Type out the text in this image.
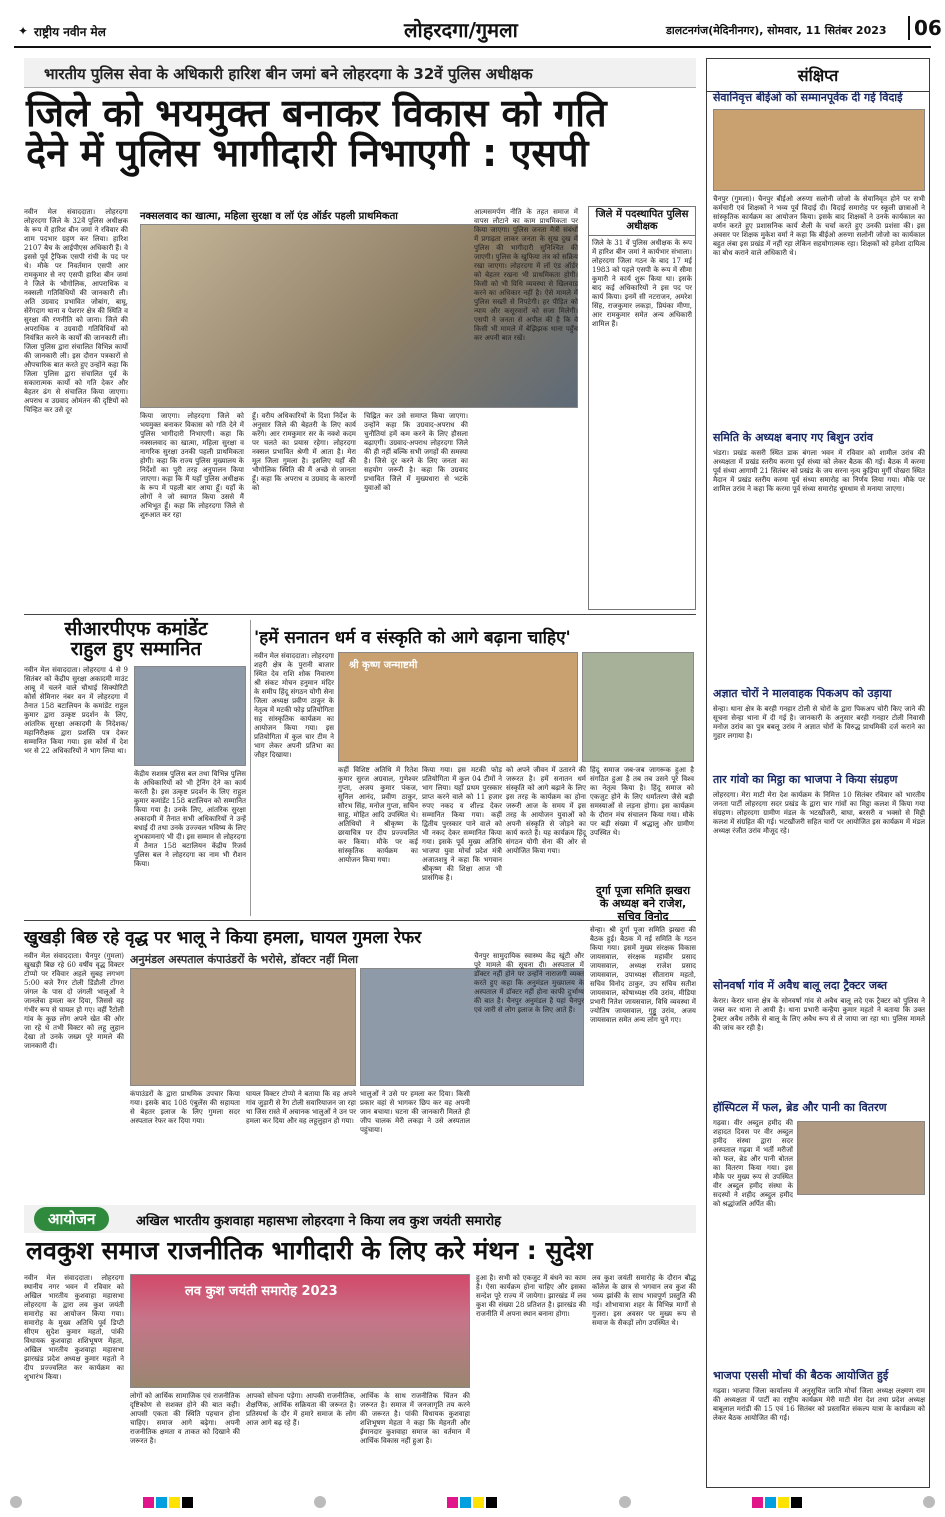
✦ राष्ट्रीय नवीन मेल	लोहरदगा/गुमला	डालटनगंज(मेदिनीनगर), सोमवार, 11 सितंबर 2023	06
भारतीय पुलिस सेवा के अधिकारी हारिश बीन जमां बने लोहरदगा के 32वें पुलिस अधीक्षक
जिले को भयमुक्त बनाकर विकास को गति
देने में पुलिस भागीदारी निभाएगी : एसपी
नवीन मेल संवाददाता। लोहरदगा लोहरदगा जिले के 32वें पुलिस अधीक्षक के रूप में हारिश बीन जमां ने रविवार की शाम पदभार ग्रहण कर लिया। हारिश 2107 बैच के आईपीएस अधिकारी हैं। वे इससे पूर्व ट्रैफिक एसपी रांची के पद पर थे। मौके पर निवर्तमान एसपी आर रामकुमार से नए एसपी हारिश बीन जमां ने जिले के भौगोलिक, आपराधिक व नक्सली गतिविधियों की जानकारी ली। अति उग्रवाद प्रभावित जोबांग, बाघू, सेरेंगदाग थाना व पेशरार क्षेत्र की स्थिति व सुरक्षा की रणनीति को जाना। जिले की अपराधिक व उग्रवादी गतिविधियों को नियंत्रित करने के कार्यों की जानकारी ली। जिला पुलिस द्वारा संचालित विभिन्न कार्यो की जानकारी ली। इस दौरान पत्रकारों से औपचारिक बात करते हुए उन्होंने कहा कि जिला पुलिस द्वारा संचालित पूर्व के सकारात्मक कार्यो को गति देकर और बेहतर ढंग से संचालित किया जाएगा। अपराध व उग्रवाद ओमंतन की दृष्टियों को चिन्हित कर उसे दूर
नक्सलवाद का खात्मा, महिला सुरक्षा व लॉ एंड ऑर्डर पहली प्राथमिकता
किया जाएगा। लोहरदगा जिले को भयमुक्त बनाकर विकास को गति देने में पुलिस भागीदारी निभाएगी। कहा कि नक्सलवाद का खात्मा, महिला सुरक्षा व नागरिक सुरक्षा उनकी पहली प्राथमिकता होगी। कहा कि राज्य पुलिस मुख्यालय के निर्देशों का पूरी तरह अनुपालन किया जाएगा। कहा कि मैं यहाँ पुलिस अधीक्षक के रूप में पहली बार आया हूँ। यहाँ के लोगों ने जो स्वागत किया उससे मैं अभिभूत हूँ। कहा कि लोहरदगा जिले से शुरुआत कर रहा
हूँ। वरीय अधिकारियों के दिशा निर्देश के अनुसार जिले की बेहतरी के लिए कार्य करेंगे। आर रामकुमार सर के नक्शे कदम पर चलते का प्रयास रहेगा। लोहरदगा नक्सल प्रभावित श्रेणी में आता है। मेरा मूल जिला गुमला है। इसलिए यहाँ की भौगोलिक स्थिति की मैं अच्छे से जानता हूँ। कहा कि अपराध व उग्रवाद के कारणों को
चिह्नित कर उसे समाप्त किया जाएगा। उन्होंने कहा कि उग्रवाद-अपराध की चुनौतियां हमें कम करने के लिए हौसला बढ़ाएगी। उग्रवाद-अपराध लोहरदगा जिले की ही नहीं बल्कि सभी जगहों की समस्या है। जिसे दूर करने के लिए जनता का सहयोग जरूरी है। कहा कि उग्रवाद प्रभावित जिले में मुख्यधारा से भटके युवाओं को
आत्मसमर्पण नीति के तहत समाज में वापस लौटाने का काम प्राथमिकता पर किया जाएगा। पुलिस जनता मैत्री संबंधों में प्रगाढ़ता लाकर जनता के सुख दुख में पुलिस की भागीदारी सुनिश्चित की जाएगी। पुलिस के खुफिया तंत्र को सक्रिय रखा जाएगा। लोहरदगा में लॉ एंड ऑर्डर को बेहतर रखना भी प्राथमिकता होगी। किसी को भी विधि व्यवस्था से खिलवाड़ करने का अधिकार नहीं है। ऐसे मामले में पुलिस सख्ती से निपटेगी। हर पीड़ित को न्याय और कसूरवारों को सजा मिलेगी। एसपी ने जनता से अपील की है कि वे किसी भी मामले में बेझिझक थाना पहुँच कर अपनी बात रखें।
जिले में पदस्थापित पुलिस अधीक्षक
जिले के 31 वें पुलिस अधीक्षक के रूप में हारिश बीन जमां ने कार्यभार संभाला। लोहरदगा जिला गठन के बाद 17 मई 1983 को पहले एसपी के रूप में सीमा कुमारी ने कार्य शुरू किया था। इसके बाद कई अधिकारियों ने इस पद पर कार्य किया। इनमें सी नटराजन, अमरेश सिंह, राजकुमार लकड़ा, प्रियंका मीणा, आर रामकुमार समेत अन्य अधिकारी शामिल हैं।
सीआरपीएफ कमांडेंट
राहुल हुए सम्मानित
नवीन मेल संवाददाता। लोहरदगा 4 से 9 सितंबर को केंद्रीय सुरक्षा अकादमी माउंट आबू में चलने वाले चौथाई सिक्योरिटी कोर्स सेमिनार नंबर वन में लोहरदगा में तैनात 158 बटालियन के कमांडेंट राहुल कुमार द्वारा उत्कृष्ट प्रदर्शन के लिए, आंतरिक सुरक्षा अकादमी के निदेशक/ महानिरीक्षक द्वारा प्रशस्ति पत्र देकर सम्मानित किया गया। इस कोर्स में देश भर से 22 अधिकारियों ने भाग लिया था।
केंद्रीय सशस्त्र पुलिस बल तथा विभिन्न पुलिस के अधिकारियों को भी ट्रेनिंग देने का कार्य करती है। इस उत्कृष्ट प्रदर्शन के लिए राहुल कुमार कमांडेंट 158 बटालियन को सम्मानित किया गया है। उनके लिए, आंतरिक सुरक्षा अकादमी में तैनात सभी अधिकारियों ने उन्हें बधाई दी तथा उनके उज्ज्वल भविष्य के लिए शुभकामनाएं भी दी। इस सम्मान से लोहरदगा में तैनात 158 बटालियन केंद्रीय रिजर्व पुलिस बल ने लोहरदगा का नाम भी रौशन किया।
'हमें सनातन धर्म व संस्कृति को आगे बढ़ाना चाहिए'
नवीन मेल संवाददाता। लोहरदगा शहरी क्षेत्र के पुरानी बाजार स्थित देव राशि शोक निवारण श्री संकट मोचन हनुमान मंदिर के समीप हिंदू संगठन योगी सेना जिला अध्यक्ष प्रवीण ठाकुर के नेतृत्व में मटकी फोड़ प्रतियोगिता सह सांस्कृतिक कार्यक्रम का आयोजन किया गया। इस प्रतियोगिता में कुल चार टीम ने भाग लेकर अपनी प्रतिभा का जौहर दिखाया।
श्री कृष्ण जन्माष्टमी
कहीं विशिष्ट अतिथि में रितेश कुमार सुरज अग्रवाल, गुणेश्वर गुप्ता, अजय कुमार पंकज, सुनिल आनंद, प्रवीण ठाकुर, सौरभ सिंह, मनोज गुप्ता, सचिन साहू, मोहित आदि उपस्थित थे। अतिथियों ने श्रीकृष्ण के छायाचित्र पर दीप प्रज्ज्वलित कर किया। मौके पर कई सांस्कृतिक कार्यक्रम का आयोजन किया गया।
किया गया। इस मटकी फोड़ प्रतियोगिता में कुल 04 टीमों ने भाग लिया। यहाँ प्रथम पुरस्कार प्राप्त करने वाले को 11 हजार रुपए नकद व शील्ड देकर सम्मानित किया गया। कहीं द्वितीय पुरस्कार पाने वाले को भी नकद देकर सम्मानित किया गया। इसके पूर्व मुख्य अतिथि भाजपा युवा मोर्चा प्रदेश मंत्री अजातशत्रु ने कहा कि भगवान श्रीकृष्ण की शिक्षा आज भी प्रासंगिक है।
को अपने जीवन में उतारने की जरूरत है। हमें सनातन धर्म संस्कृति को आगे बढ़ाने के लिए इस तरह के कार्यक्रम का होना जरूरी आज के समय में इस तरह के आयोजन युवाओं को अपनी संस्कृति से जोड़ने का कार्य करते हैं। यह कार्यक्रम हिंदू संगठन योगी सेना की ओर से आयोजित किया गया।
हिंदू समाज जब-जब जागरूक हुआ है संगठित हुआ है तब तब उसने पूरे विश्व का नेतृत्व किया है। हिंदू समाज को एकजुट होने के लिए धर्मांतरण जैसे बड़ी समस्याओं से लड़ना होगा। इस कार्यक्रम के दौरान मंच संचालन किया गया। मौके पर बड़ी संख्या में श्रद्धालु और ग्रामीण उपस्थित थे।
खुखड़ी बिछ रहे वृद्ध पर भालू ने किया हमला, घायल गुमला रेफर
नवीन मेल संवाददाता। चैनपुर (गुमला) खुखड़ी बिछ रहे 60 वर्षीय वृद्ध विक्टर टोप्पो पर रविवार अहले सुबह लगभग 5:00 बजे रैंगर टोली डिंडौली टोंगरा जंगल के पास दो जंगली भालूओं ने जानलेवा हमला कर दिया, जिससे वह गंभीर रूप से घायल हो गए। वहीं रैंटोली गांव के कुछ लोग अपने खेत की ओर जा रहे थे तभी विक्टर को लहू लुहान देखा तो उनके जख्म पूरे मामले की जानकारी दी।
अनुमंडल अस्पताल कंपाउंडरों के भरोसे, डॉक्टर नहीं मिला
कंपाउंडरों के द्वारा प्राथमिक उपचार किया गया। इसके बाद 108 एंबुलेंस की सहायता से बेहतर इलाज के लिए गुमला सदर अस्पताल रेफर कर दिया गया।
घायल विक्टर टोप्पो ने बताया कि वह अपने गांव जुड़ारी से रैंग टोली सवारियाजन जा रहा था जिस रास्ते में अचानक भालुओं ने उन पर हमला कर दिया और वह लहूलुहान हो गया।
भालुओं ने उसे पर हमला कर दिया। किसी प्रकार वहां से भागकर छिप कर वह अपनी जान बचाया। घटना की जानकारी मिलते ही जीप चालक मेरी लकड़ा ने उसे अस्पताल पहुंचाया।
चैनपुर सामुदायिक स्वास्थ्य केंद्र खूंटी और पूरे मामले की सूचना दी। अस्पताल में डॉक्टर नहीं होने पर उन्होंने नाराजगी व्यक्त करते हुए कहा कि अनुमंडल मुख्यालय के अस्पताल में डॉक्टर नहीं होना काफी दुर्भाग्य की बात है। चैनपुर अनुमंडल है यहां चैनपुर एवं जारी से लोग इलाज के लिए आते हैं।
दुर्गा पूजा समिति झखरा के अध्यक्ष बने राजेश, सचिव विनोद
सेन्हा। श्री दुर्गा पूजा समिति झखरा की बैठक हुई। बैठक में नई समिति के गठन किया गया। इसमें मुख्य संरक्षक विकास जायसवाल, संरक्षक महावीर प्रसाद जायसवाल, अध्यक्ष राजेश प्रसाद जायसवाल, उपाध्यक्ष सीताराम महतो, सचिव विनोद ठाकुर, उप सचिव सतीश जायसवाल, कोषाध्यक्ष रवि उरांव, मीडिया प्रभारी नितेश जायसवाल, विधि व्यवस्था में ज्योतिष जायसवाल, गुड्डू उरांव, अजय जायसवाल समेत अन्य लोग चुने गए।
आयोजन	अखिल भारतीय कुशवाहा महासभा लोहरदगा ने किया लव कुश जयंती समारोह
लवकुश समाज राजनीतिक भागीदारी के लिए करे मंथन : सुदेश
नवीन मेल संवाददाता। लोहरदगा स्थानीय नगर भवन में रविवार को अखिल भारतीय कुशवाहा महासभा लोहरदगा के द्वारा लव कुश जयंती समारोह का आयोजन किया गया। समारोह के मुख्य अतिथि पूर्व डिप्टी सीएम सुदेश कुमार महतो, पांकी विधायक कुशवाहा शशिभूषण मेहता, अखिल भारतीय कुशवाहा महासभा झारखंड प्रदेश अध्यक्ष कुमार महतो ने दीप प्रज्ज्वलित कर कार्यक्रम का शुभारंभ किया।
लव कुश जयंती समारोह 2023
लोगों को आर्थिक सामाजिक एवं राजनीतिक दृष्टिकोण से सशक्त होने की बात कही। आपसी एकता की स्थिति पहचान होना चाहिए। समाज आगे बढ़ेगा। अपनी राजनीतिक क्षमता व ताकत को दिखाने की जरूरत है।
आपको सोचना पड़ेगा। आपकी राजनीतिक, शैक्षणिक, आर्थिक सक्रियता की जरूरत है। प्रतिस्पर्धा के दौर में हमारे समाज के लोग आज आगे बढ़ रहे हैं।
आर्थिक के साथ राजनीतिक चिंतन की जरूरत है। समाज में जनजागृति तय करने की जरूरत है। पांकी विधायक कुशवाहा शशिभूषण मेहता ने कहा कि मेहनती और ईमानदार कुशवाहा समाज का वर्तमान में आर्थिक विकास नहीं हुआ है।
हुआ है। सभी को एकजुट में बंधने का काम है। ऐसा कार्यक्रम होना चाहिए और इसका सन्देश पूरे राज्य में जायेगा। झारखंड में लव कुश की संख्या 28 प्रतिशत है। झारखंड की राजनीति में अपना स्थान बनाना होगा।
लव कुश जयंती समारोह के दौरान बौद्ध कॉलेज के छात्र से भगवान लव कुश की भव्य झांकी के साथ भावपूर्ण प्रस्तुति की गई। शोभायात्रा शहर के विभिन्न मार्गों से गुजरा। इस अवसर पर मुख्य रूप से समाज के सैकड़ों लोग उपस्थित थे।
संक्षिप्त
सेवानिवृत्त बीईओ को सम्मानपूर्वक दी गई विदाई
चैनपुर (गुमला)। चैनपुर बीईओ अरुणा सलोनी जोजो के सेवानिवृत होने पर सभी कर्मचारी एवं शिक्षकों ने भव्य पूर्व विदाई दी। विदाई समारोह पर स्कूली छात्राओं ने सांस्कृतिक कार्यक्रम का आयोजन किया। इसके बाद शिक्षकों ने उनके कार्यकाल का वर्णन करते हुए प्रशासनिक कार्य शैली के चर्चा करते हुए उनकी प्रशंसा की। इस अवसर पर शिक्षक मुकेश वर्मा ने कहा कि बीईओ अरुणा सलोनी जोजो का कार्यकाल बहुत लंबा इस प्रखंड में नहीं रहा लेकिन सहयोगात्मक रहा। शिक्षकों को हमेशा दायित्व का बोध कराने वाले अधिकारी थे।
समिति के अध्यक्ष बनाए गए बिशुन उरांव
भंडरा। प्रखंड कसरी स्थित डाक बंगला भवन में रविवार को शामील उरांव की अध्यक्षता में प्रखंड स्तरीय करमा पूर्व संध्या को लेकर बैठक की गई। बैठक में करमा पूर्व संध्या आगामी 21 सितंबर को प्रखंड के जय सरना नृत्य कुड़िया मुर्गी पोखरा स्थित मैदान में प्रखंड स्तरीय करमा पूर्व संध्या समारोह का निर्णय लिया गया। मौके पर शामिल उरांव ने कहा कि करमा पूर्व संध्या समारोह धूमधाम से मनाया जाएगा।
अज्ञात चोरों ने मालवाहक पिकअप को उड़ाया
सेन्हा। थाना क्षेत्र के बरही गनहार टोली से चोरों के द्वारा पिकअप चोरी किए जाने की सूचना सेन्हा थाना में दी गई है। जानकारी के अनुसार बरही गनहार टोली निवासी मनोज उरांव का पुत्र बबलू उरांव ने अज्ञात चोरों के विरुद्ध प्राथमिकी दर्ज कराने का गुहार लगाया है।
तार गांवो का मिट्ठा का भाजपा ने किया संग्रहण
लोहरदगा। मेरा माटी मेरा देश कार्यक्रम के निमित्त 10 सितंबर रविवार को भारतीय जनता पार्टी लोहरदगा सदर प्रखंड के द्वारा चार गांवों का मिट्ठा कलश में किया गया संग्रहण। लोहरदगा ग्रामीण मंडल के भटखौंजरी, बाघा, बरसरी व भक्सो से मिट्टी कलश में संग्रहित की गई। भटखौंजरी सहित चारों पर आयोजित इस कार्यक्रम में मंडल अध्यक्ष रंजीत उरांव मौजूद रहे।
सोनवर्षा गांव में अवैध बालू लदा ट्रैक्टर जब्त
केरार। केरार थाना क्षेत्र के सोनवर्षा गांव से अवैध बालू लदे एक ट्रैक्टर को पुलिस ने जब्त कर थाना ले आयी है। थाना प्रभारी कन्हैया कुमार महतो ने बताया कि उक्त ट्रैक्टर अवैध तरीके से बालू के लिए अवैध रूप से ले जाया जा रहा था। पुलिस मामले की जांच कर रही है।
हॉस्पिटल में फल, ब्रेड और पानी का वितरण
गढ़वा। वीर अब्दुल हमीद की शहादत दिवस पर वीर अब्दुल हमीद संस्था द्वारा सदर अस्पताल गढ़वा में भर्ती मरीजों को फल, ब्रेड और पानी बोतल का वितरण किया गया। इस मौके पर मुख्य रूप से उपस्थित वीर अब्दुल हमीद संस्था के सदस्यों ने शहीद अब्दुल हमीद को श्रद्धांजलि अर्पित की।
भाजपा एससी मोर्चा की बैठक आयोजित हुई
गढ़वा। भाजपा जिला कार्यालय में अनुसूचित जाति मोर्चा जिला अध्यक्ष लक्ष्मण राम की अध्यक्षता में पार्टी का राष्ट्रीय कार्यक्रम मेरी माटी मेरा देश तथा प्रदेश अध्यक्ष बाबूलाल मरांडी की 15 एवं 16 सितंबर को प्रस्तावित संकल्प यात्रा के कार्यक्रम को लेकर बैठक आयोजित की गई।
